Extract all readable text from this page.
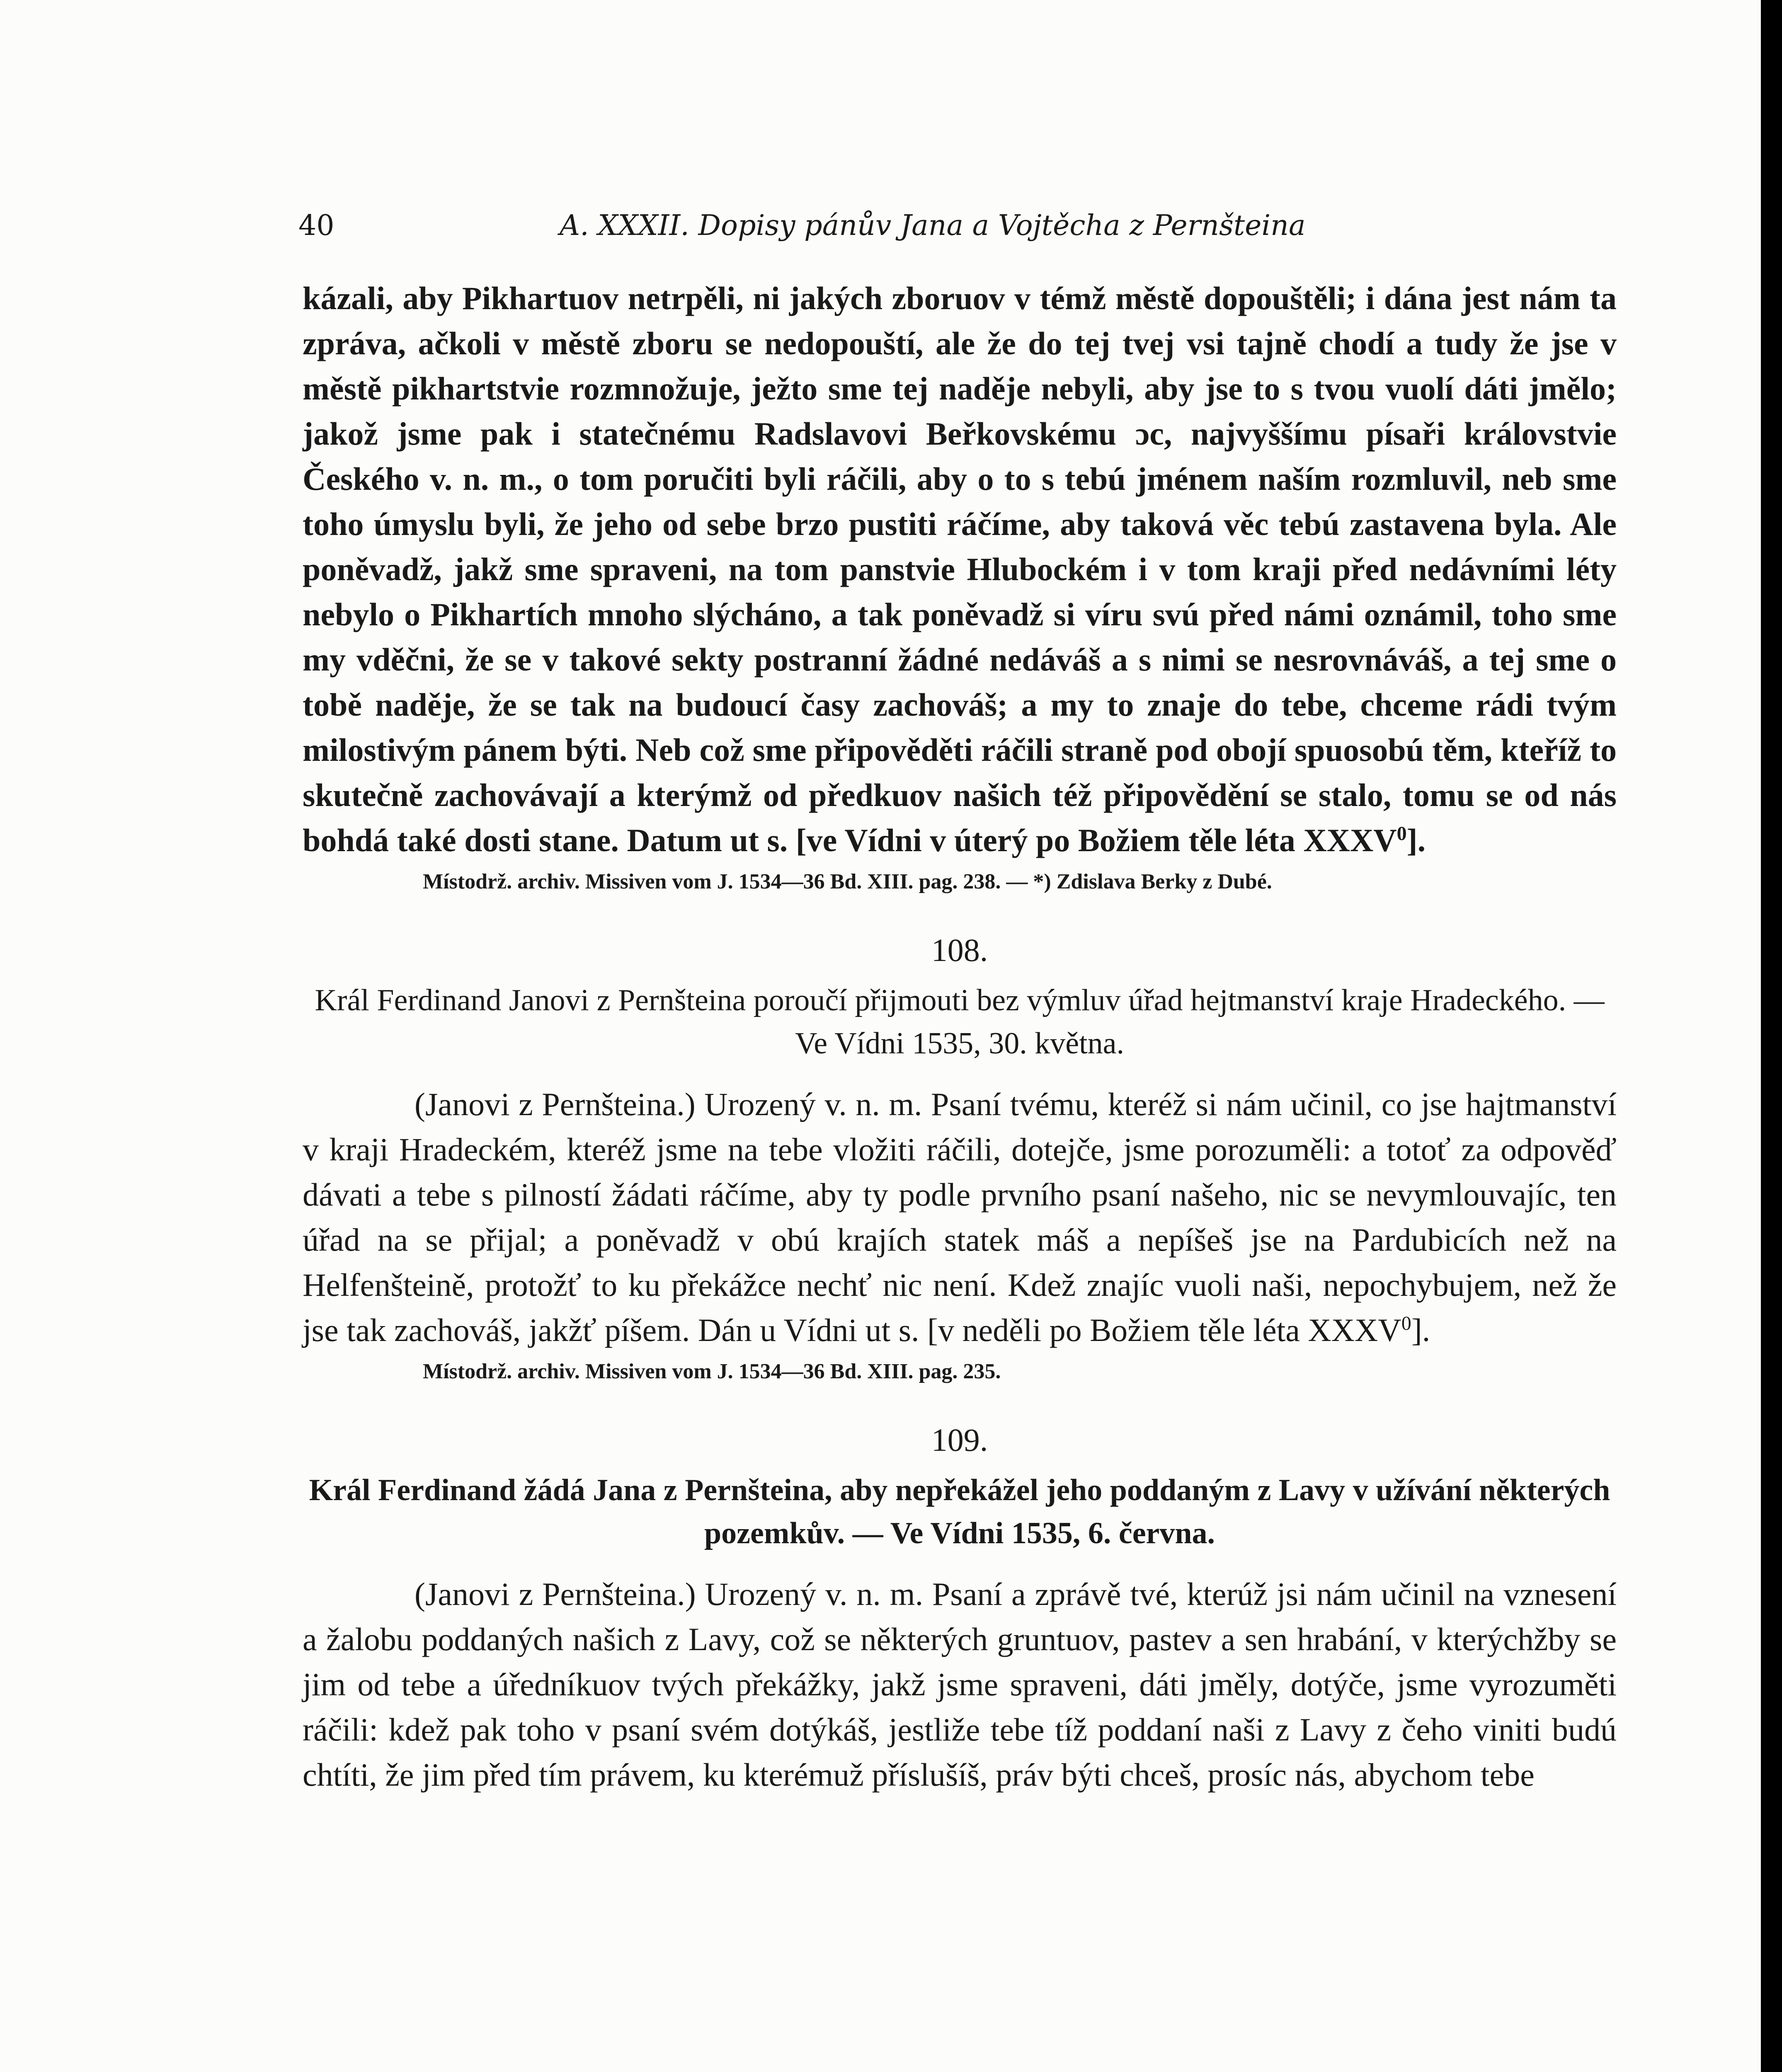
40	A. XXXII. Dopisy pánův Jana a Vojtěcha z Pernšteina

kázali, aby Pikhartuov netrpěli, ni jakých zboruov v témž městě dopouštěli; i dána jest nám ta zpráva, ačkoli v městě zboru se nedopouští, ale že do tej tvej vsi tajně chodí a tudy že jse v městě pikhartstvie rozmnožuje, ježto sme tej naděje nebyli, aby jse to s tvou vuolí dáti jmělo; jakož jsme pak i statečnému Radslavovi Beřkovskému ɔc, najvyššímu písaři královstvie Českého v. n. m., o tom poručiti byli ráčili, aby o to s tebú jménem naším rozmluvil, neb sme toho úmyslu byli, že jeho od sebe brzo pustiti ráčíme, aby taková věc tebú zastavena byla. Ale poněvadž, jakž sme spraveni, na tom panstvie Hlubockém i v tom kraji před nedávními léty nebylo o Pikhartích mnoho slýcháno, a tak poněvadž si víru svú před námi oznámil, toho sme my vděčni, že se v takové sekty postranní žádné nedáváš a s nimi se nesrovnáváš, a tej sme o tobě naděje, že se tak na budoucí časy zachováš; a my to znaje do tebe, chceme rádi tvým milostivým pánem býti. Neb což sme připověděti ráčili straně pod obojí spuosobú těm, kteříž to skutečně zachovávají a kterýmž od předkuov našich též připovědění se stalo, tomu se od nás bohdá také dosti stane. Datum ut s. [ve Vídni v úterý po Božiem těle léta XXXV$^0$].

Místodrž. archiv. Missiven vom J. 1534—36 Bd. XIII. pag. 238. — *) Zdislava Berky z Dubé.

108.
Král Ferdinand Janovi z Pernšteina poroučí přijmouti bez výmluv úřad hejtmanství kraje Hradeckého. — Ve Vídni 1535, 30. května.

(Janovi z Pernšteina.) Urozený v. n. m. Psaní tvému, kteréž si nám učinil, co jse hajtmanství v kraji Hradeckém, kteréž jsme na tebe vložiti ráčili, dotejče, jsme porozuměli: a totoť za odpověď dávati a tebe s pilností žádati ráčíme, aby ty podle prvního psaní našeho, nic se nevymlouvajíc, ten úřad na se přijal; a poněvadž v obú krajích statek máš a nepíšeš jse na Pardubicích než na Helfenšteině, protožť to ku překážce nechť nic není. Kdež znajíc vuoli naši, nepochybujem, než že jse tak zachováš, jakžť píšem. Dán u Vídni ut s. [v neděli po Božiem těle léta XXXV$^0$].

Místodrž. archiv. Missiven vom J. 1534—36 Bd. XIII. pag. 235.

109.
Král Ferdinand žádá Jana z Pernšteina, aby nepřekážel jeho poddaným z Lavy v užívání některých pozemkův. — Ve Vídni 1535, 6. června.

(Janovi z Pernšteina.) Urozený v. n. m. Psaní a zprávě tvé, kterúž jsi nám učinil na vznesení a žalobu poddaných našich z Lavy, což se některých gruntuov, pastev a sen hrabání, v kterýchžby se jim od tebe a úředníkuov tvých překážky, jakž jsme spraveni, dáti jměly, dotýče, jsme vyrozuměti ráčili: kdež pak toho v psaní svém dotýkáš, jestliže tebe tíž poddaní naši z Lavy z čeho viniti budú chtíti, že jim před tím právem, ku kterémuž příslušíš, práv býti chceš, prosíc nás, abychom tebe
